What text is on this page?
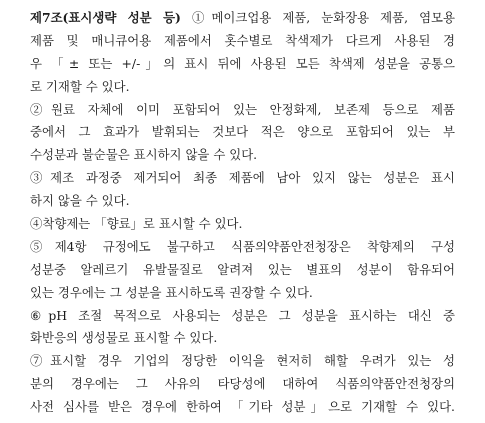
제7조(표시생략 성분 등) ①메이크업용 제품, 눈화장용 제품, 염모용
제품 및 매니큐어용 제품에서 홋수별로 착색제가 다르게 사용된 경
우 「± 또는 +/-」의 표시 뒤에 사용된 모든 착색제 성분을 공통으
로 기재할 수 있다.
②원료 자체에 이미 포함되어 있는 안정화제, 보존제 등으로 제품
중에서 그 효과가 발휘되는 것보다 적은 양으로 포함되어 있는 부
수성분과 불순물은 표시하지 않을 수 있다.
③제조 과정중 제거되어 최종 제품에 남아 있지 않는 성분은 표시
하지 않을 수 있다.
④착향제는 「향료」로 표시할 수 있다.
⑤제4항 규정에도 불구하고 식품의약품안전청장은 착향제의 구성
성분중 알레르기 유발물질로 알려져 있는 별표의 성분이 함유되어
있는 경우에는 그 성분을 표시하도록 권장할 수 있다.
⑥pH 조절 목적으로 사용되는 성분은 그 성분을 표시하는 대신 중
화반응의 생성물로 표시할 수 있다.
⑦표시할 경우 기업의 정당한 이익을 현저히 해할 우려가 있는 성
분의 경우에는 그 사유의 타당성에 대하여 식품의약품안전청장의
사전 심사를 받은 경우에 한하여 「기타 성분」으로 기재할 수 있다.
